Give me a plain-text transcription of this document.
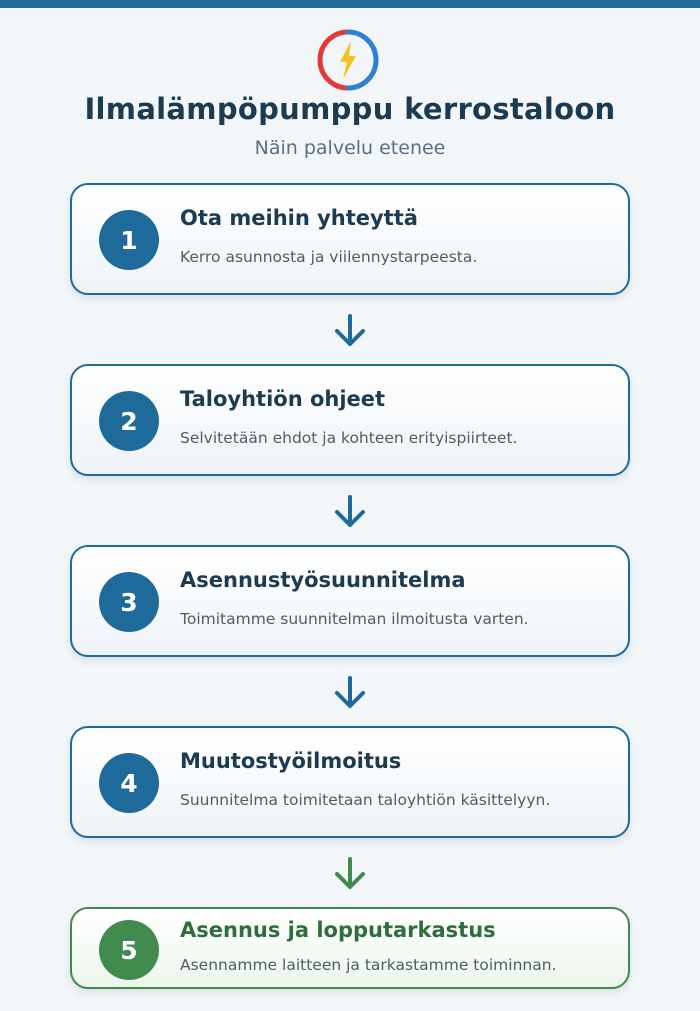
Ilmalämpöpumppu kerrostaloon
Näin palvelu etenee
1
Ota meihin yhteyttä
Kerro asunnosta ja viilennystarpeesta.
2
Taloyhtiön ohjeet
Selvitetään ehdot ja kohteen erityispiirteet.
3
Asennustyösuunnitelma
Toimitamme suunnitelman ilmoitusta varten.
4
Muutostyöilmoitus
Suunnitelma toimitetaan taloyhtiön käsittelyyn.
5
Asennus ja lopputarkastus
Asennamme laitteen ja tarkastamme toiminnan.
